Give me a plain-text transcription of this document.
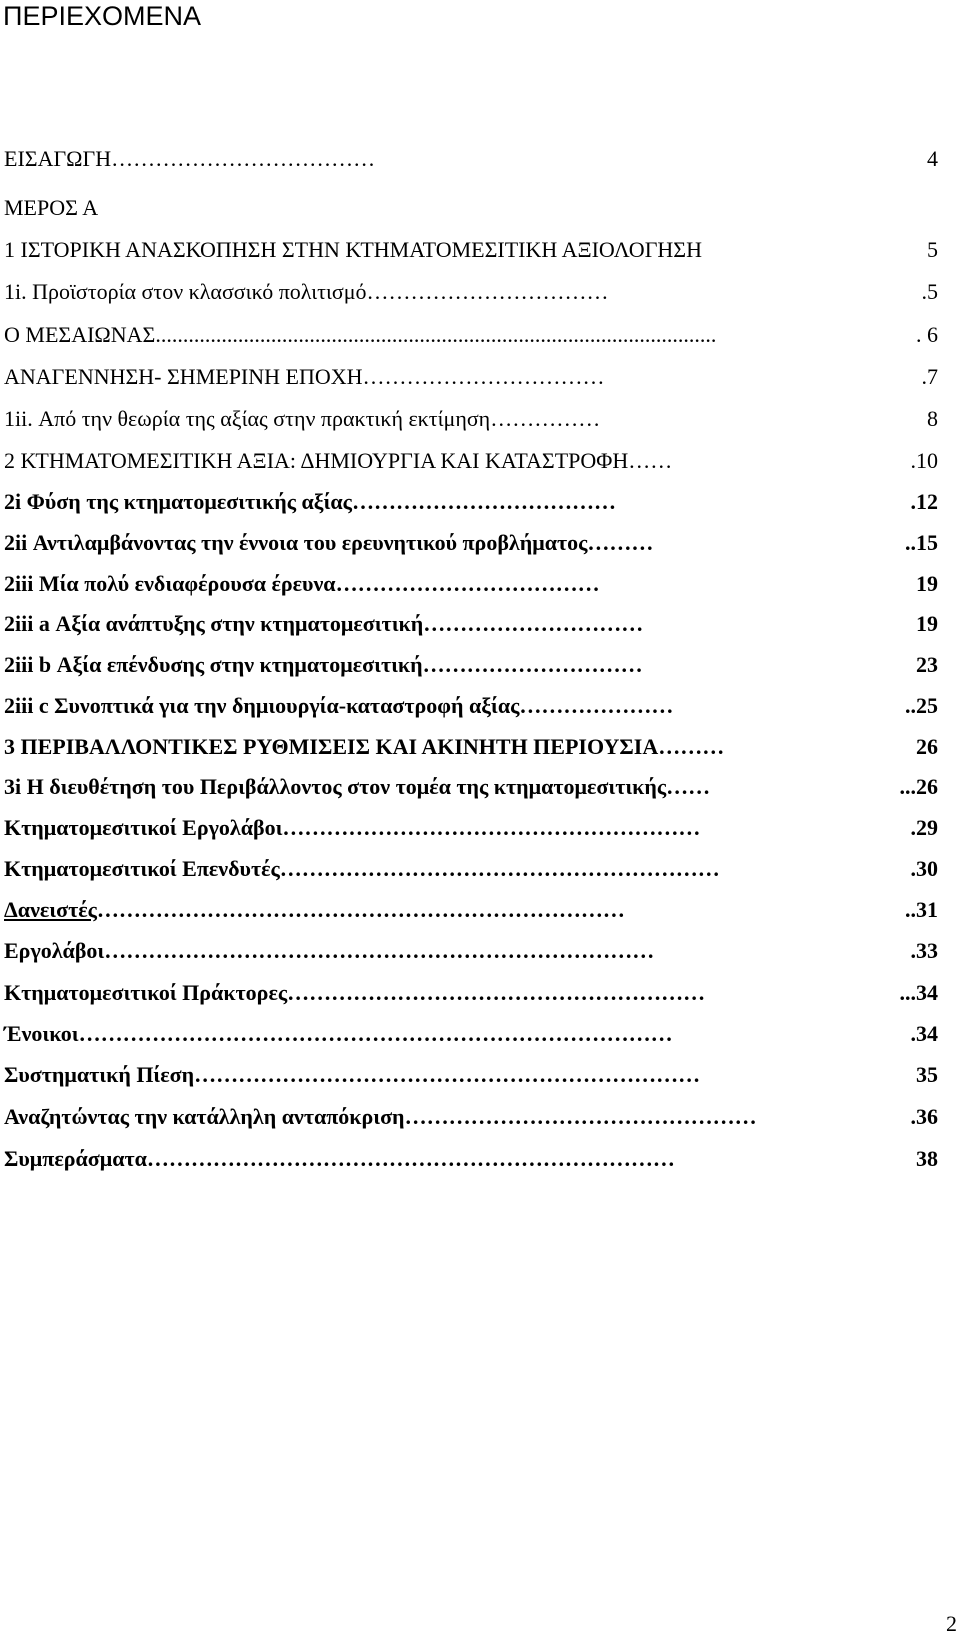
ΠΕΡΙΕΧΟΜΕΝΑ
ΕΙΣΑΓΩΓΗ………………………………	4
ΜΕΡΟΣ Α
1 ΙΣΤΟΡΙΚΗ ΑΝΑΣΚΟΠΗΣΗ ΣΤΗΝ ΚΤΗΜΑΤΟΜΕΣΙΤΙΚΗ ΑΞΙΟΛΟΓΗΣΗ	5
1i. Προϊστορία στον κλασσικό πολιτισμό……………………………	.5
Ο ΜΕΣΑΙΩΝΑΣ......................................................................................................	. 6
ΑΝΑΓΕΝΝΗΣΗ- ΣΗΜΕΡΙΝΗ ΕΠΟΧΗ……………………………	.7
1ii. Από την θεωρία της αξίας στην πρακτική εκτίμηση……………	8
2 ΚΤΗΜΑΤΟΜΕΣΙΤΙΚΗ ΑΞΙΑ: ΔΗΜΙΟΥΡΓΙΑ ΚΑΙ ΚΑΤΑΣΤΡΟΦΗ……	.10
2i Φύση της κτηματομεσιτικής αξίας………………………………	.12
2ii Αντιλαμβάνοντας την έννοια του ερευνητικού προβλήματος………	..15
2iii Μία πολύ ενδιαφέρουσα έρευνα………………………………	19
2iii a Αξία ανάπτυξης στην κτηματομεσιτική…………………………	19
2iii b Αξία επένδυσης στην κτηματομεσιτική…………………………	23
2iii c Συνοπτικά για την δημιουργία-καταστροφή αξίας…………………	..25
3 ΠΕΡΙΒΑΛΛΟΝΤΙΚΕΣ ΡΥΘΜΙΣΕΙΣ ΚΑΙ ΑΚΙΝΗΤΗ ΠΕΡΙΟΥΣΙΑ………	26
3i Η διευθέτηση του Περιβάλλοντος στον τομέα της κτηματομεσιτικής……	...26
Κτηματομεσιτικοί Εργολάβοι…………………………………………………	.29
Κτηματομεσιτικοί Επενδυτές……………………………………………………	.30
Δανειστές………………………………………………………………	..31
Εργολάβοι…………………………………………………………………	.33
Κτηματομεσιτικοί Πράκτορες…………………………………………………	...34
Ένοικοι………………………………………………………………………	.34
Συστηματική Πίεση……………………………………………………………	35
Αναζητώντας την κατάλληλη ανταπόκριση…………………………………………	.36
Συμπεράσματα………………………………………………………………	38
2
